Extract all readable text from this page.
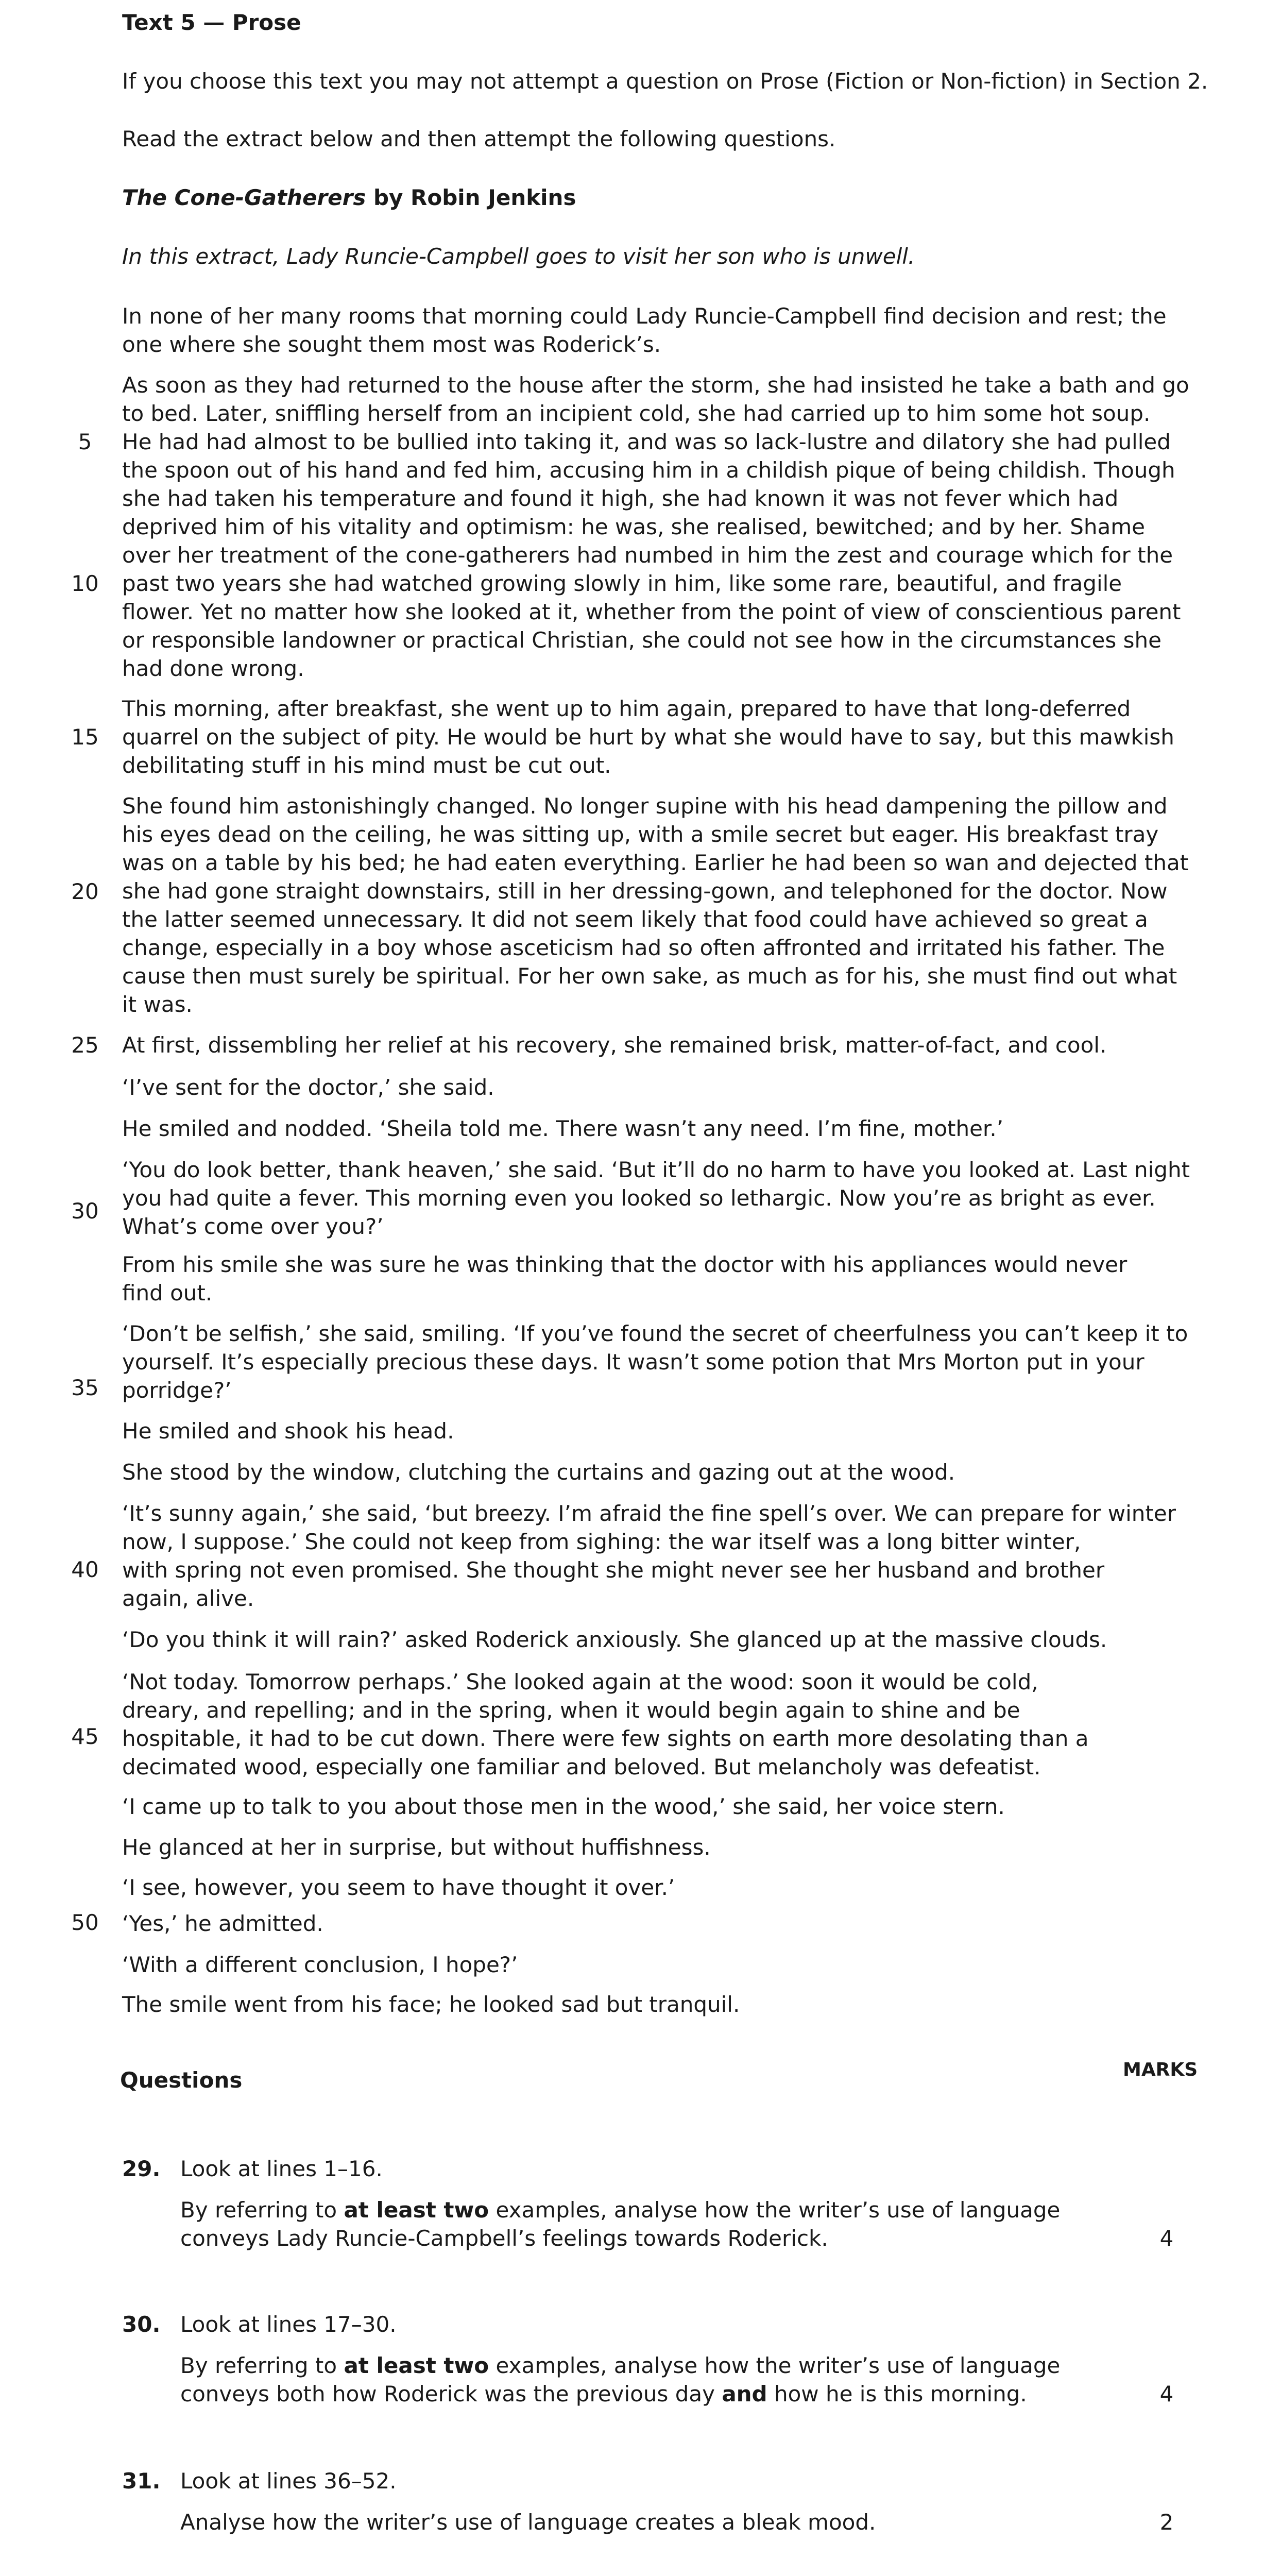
Text 5 — Prose
If you choose this text you may not attempt a question on Prose (Fiction or Non-fiction) in Section 2.
Read the extract below and then attempt the following questions.
The Cone-Gatherers by Robin Jenkins
In this extract, Lady Runcie-Campbell goes to visit her son who is unwell.
5
10
15
20
25
30
35
40
45
50
In none of her many rooms that morning could Lady Runcie-Campbell find decision and rest; the
one where she sought them most was Roderick’s.
As soon as they had returned to the house after the storm, she had insisted he take a bath and go
to bed. Later, sniffling herself from an incipient cold, she had carried up to him some hot soup.
He had had almost to be bullied into taking it, and was so lack-lustre and dilatory she had pulled
the spoon out of his hand and fed him, accusing him in a childish pique of being childish. Though
she had taken his temperature and found it high, she had known it was not fever which had
deprived him of his vitality and optimism: he was, she realised, bewitched; and by her. Shame
over her treatment of the cone-gatherers had numbed in him the zest and courage which for the
past two years she had watched growing slowly in him, like some rare, beautiful, and fragile
flower. Yet no matter how she looked at it, whether from the point of view of conscientious parent
or responsible landowner or practical Christian, she could not see how in the circumstances she
had done wrong.
This morning, after breakfast, she went up to him again, prepared to have that long-deferred
quarrel on the subject of pity. He would be hurt by what she would have to say, but this mawkish
debilitating stuff in his mind must be cut out.
She found him astonishingly changed. No longer supine with his head dampening the pillow and
his eyes dead on the ceiling, he was sitting up, with a smile secret but eager. His breakfast tray
was on a table by his bed; he had eaten everything. Earlier he had been so wan and dejected that
she had gone straight downstairs, still in her dressing-gown, and telephoned for the doctor. Now
the latter seemed unnecessary. It did not seem likely that food could have achieved so great a
change, especially in a boy whose asceticism had so often affronted and irritated his father. The
cause then must surely be spiritual. For her own sake, as much as for his, she must find out what
it was.
At first, dissembling her relief at his recovery, she remained brisk, matter-of-fact, and cool.
‘I’ve sent for the doctor,’ she said.
He smiled and nodded. ‘Sheila told me. There wasn’t any need. I’m fine, mother.’
‘You do look better, thank heaven,’ she said. ‘But it’ll do no harm to have you looked at. Last night
you had quite a fever. This morning even you looked so lethargic. Now you’re as bright as ever.
What’s come over you?’
From his smile she was sure he was thinking that the doctor with his appliances would never
find out.
‘Don’t be selfish,’ she said, smiling. ‘If you’ve found the secret of cheerfulness you can’t keep it to
yourself. It’s especially precious these days. It wasn’t some potion that Mrs Morton put in your
porridge?’
He smiled and shook his head.
She stood by the window, clutching the curtains and gazing out at the wood.
‘It’s sunny again,’ she said, ‘but breezy. I’m afraid the fine spell’s over. We can prepare for winter
now, I suppose.’ She could not keep from sighing: the war itself was a long bitter winter,
with spring not even promised. She thought she might never see her husband and brother
again, alive.
‘Do you think it will rain?’ asked Roderick anxiously. She glanced up at the massive clouds.
‘Not today. Tomorrow perhaps.’ She looked again at the wood: soon it would be cold,
dreary, and repelling; and in the spring, when it would begin again to shine and be
hospitable, it had to be cut down. There were few sights on earth more desolating than a
decimated wood, especially one familiar and beloved. But melancholy was defeatist.
‘I came up to talk to you about those men in the wood,’ she said, her voice stern.
He glanced at her in surprise, but without huffishness.
‘I see, however, you seem to have thought it over.’
‘Yes,’ he admitted.
‘With a different conclusion, I hope?’
The smile went from his face; he looked sad but tranquil.
Questions	MARKS
29. Look at lines 1–16.
By referring to at least two examples, analyse how the writer’s use of language
conveys Lady Runcie-Campbell’s feelings towards Roderick.	4
30. Look at lines 17–30.
By referring to at least two examples, analyse how the writer’s use of language
conveys both how Roderick was the previous day and how he is this morning.	4
31. Look at lines 36–52.
Analyse how the writer’s use of language creates a bleak mood.	2
